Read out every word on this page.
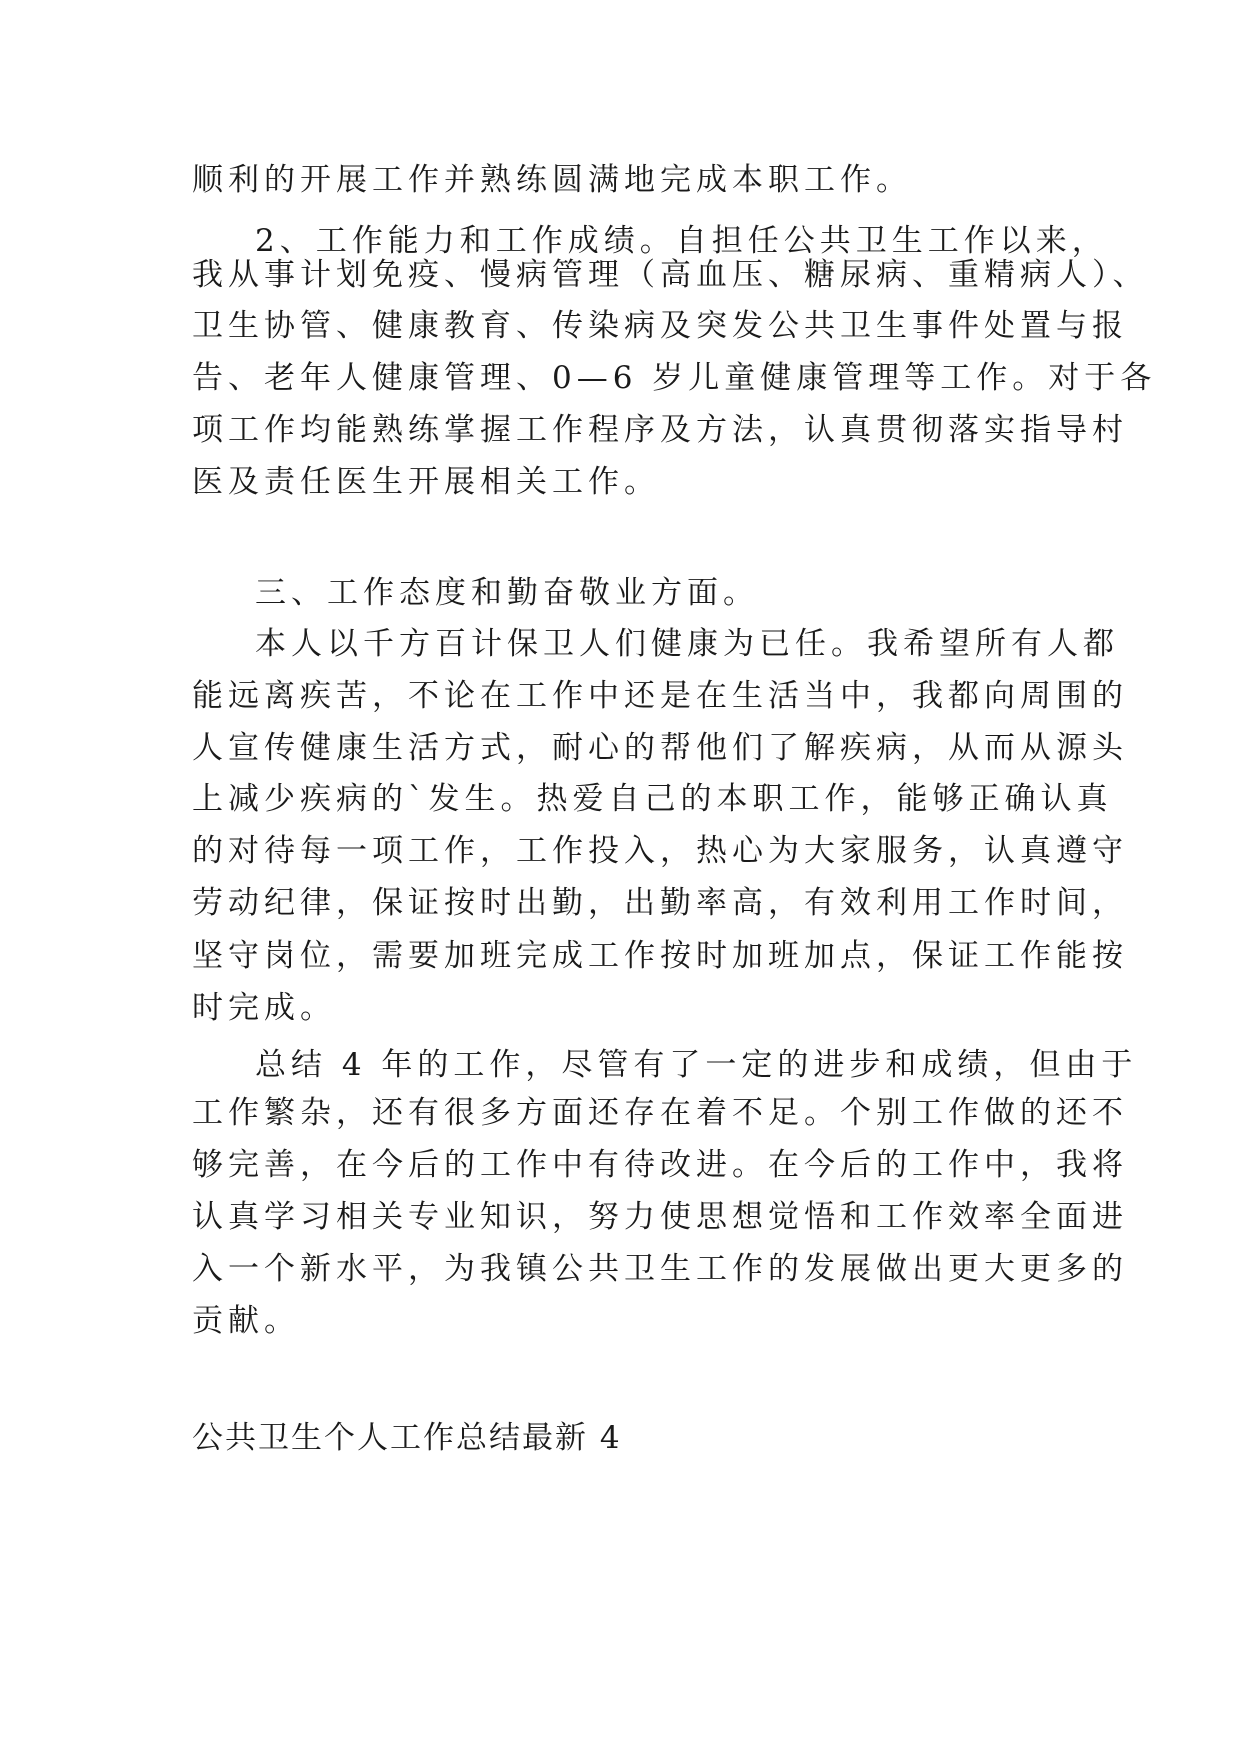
顺利的开展工作并熟练圆满地完成本职工作。
2、工作能力和工作成绩。自担任公共卫生工作以来，
我从事计划免疫、慢病管理（高血压、糖尿病、重精病人）、
卫生协管、健康教育、传染病及突发公共卫生事件处置与报
告、老年人健康管理、0—6 岁儿童健康管理等工作。对于各
项工作均能熟练掌握工作程序及方法，认真贯彻落实指导村
医及责任医生开展相关工作。
三、工作态度和勤奋敬业方面。
本人以千方百计保卫人们健康为已任。我希望所有人都
能远离疾苦，不论在工作中还是在生活当中，我都向周围的
人宣传健康生活方式，耐心的帮他们了解疾病，从而从源头
上减少疾病的`发生。热爱自己的本职工作，能够正确认真
的对待每一项工作，工作投入，热心为大家服务，认真遵守
劳动纪律，保证按时出勤，出勤率高，有效利用工作时间，
坚守岗位，需要加班完成工作按时加班加点，保证工作能按
时完成。
总结 4 年的工作，尽管有了一定的进步和成绩，但由于
工作繁杂，还有很多方面还存在着不足。个别工作做的还不
够完善，在今后的工作中有待改进。在今后的工作中，我将
认真学习相关专业知识，努力使思想觉悟和工作效率全面进
入一个新水平，为我镇公共卫生工作的发展做出更大更多的
贡献。
公共卫生个人工作总结最新 4
